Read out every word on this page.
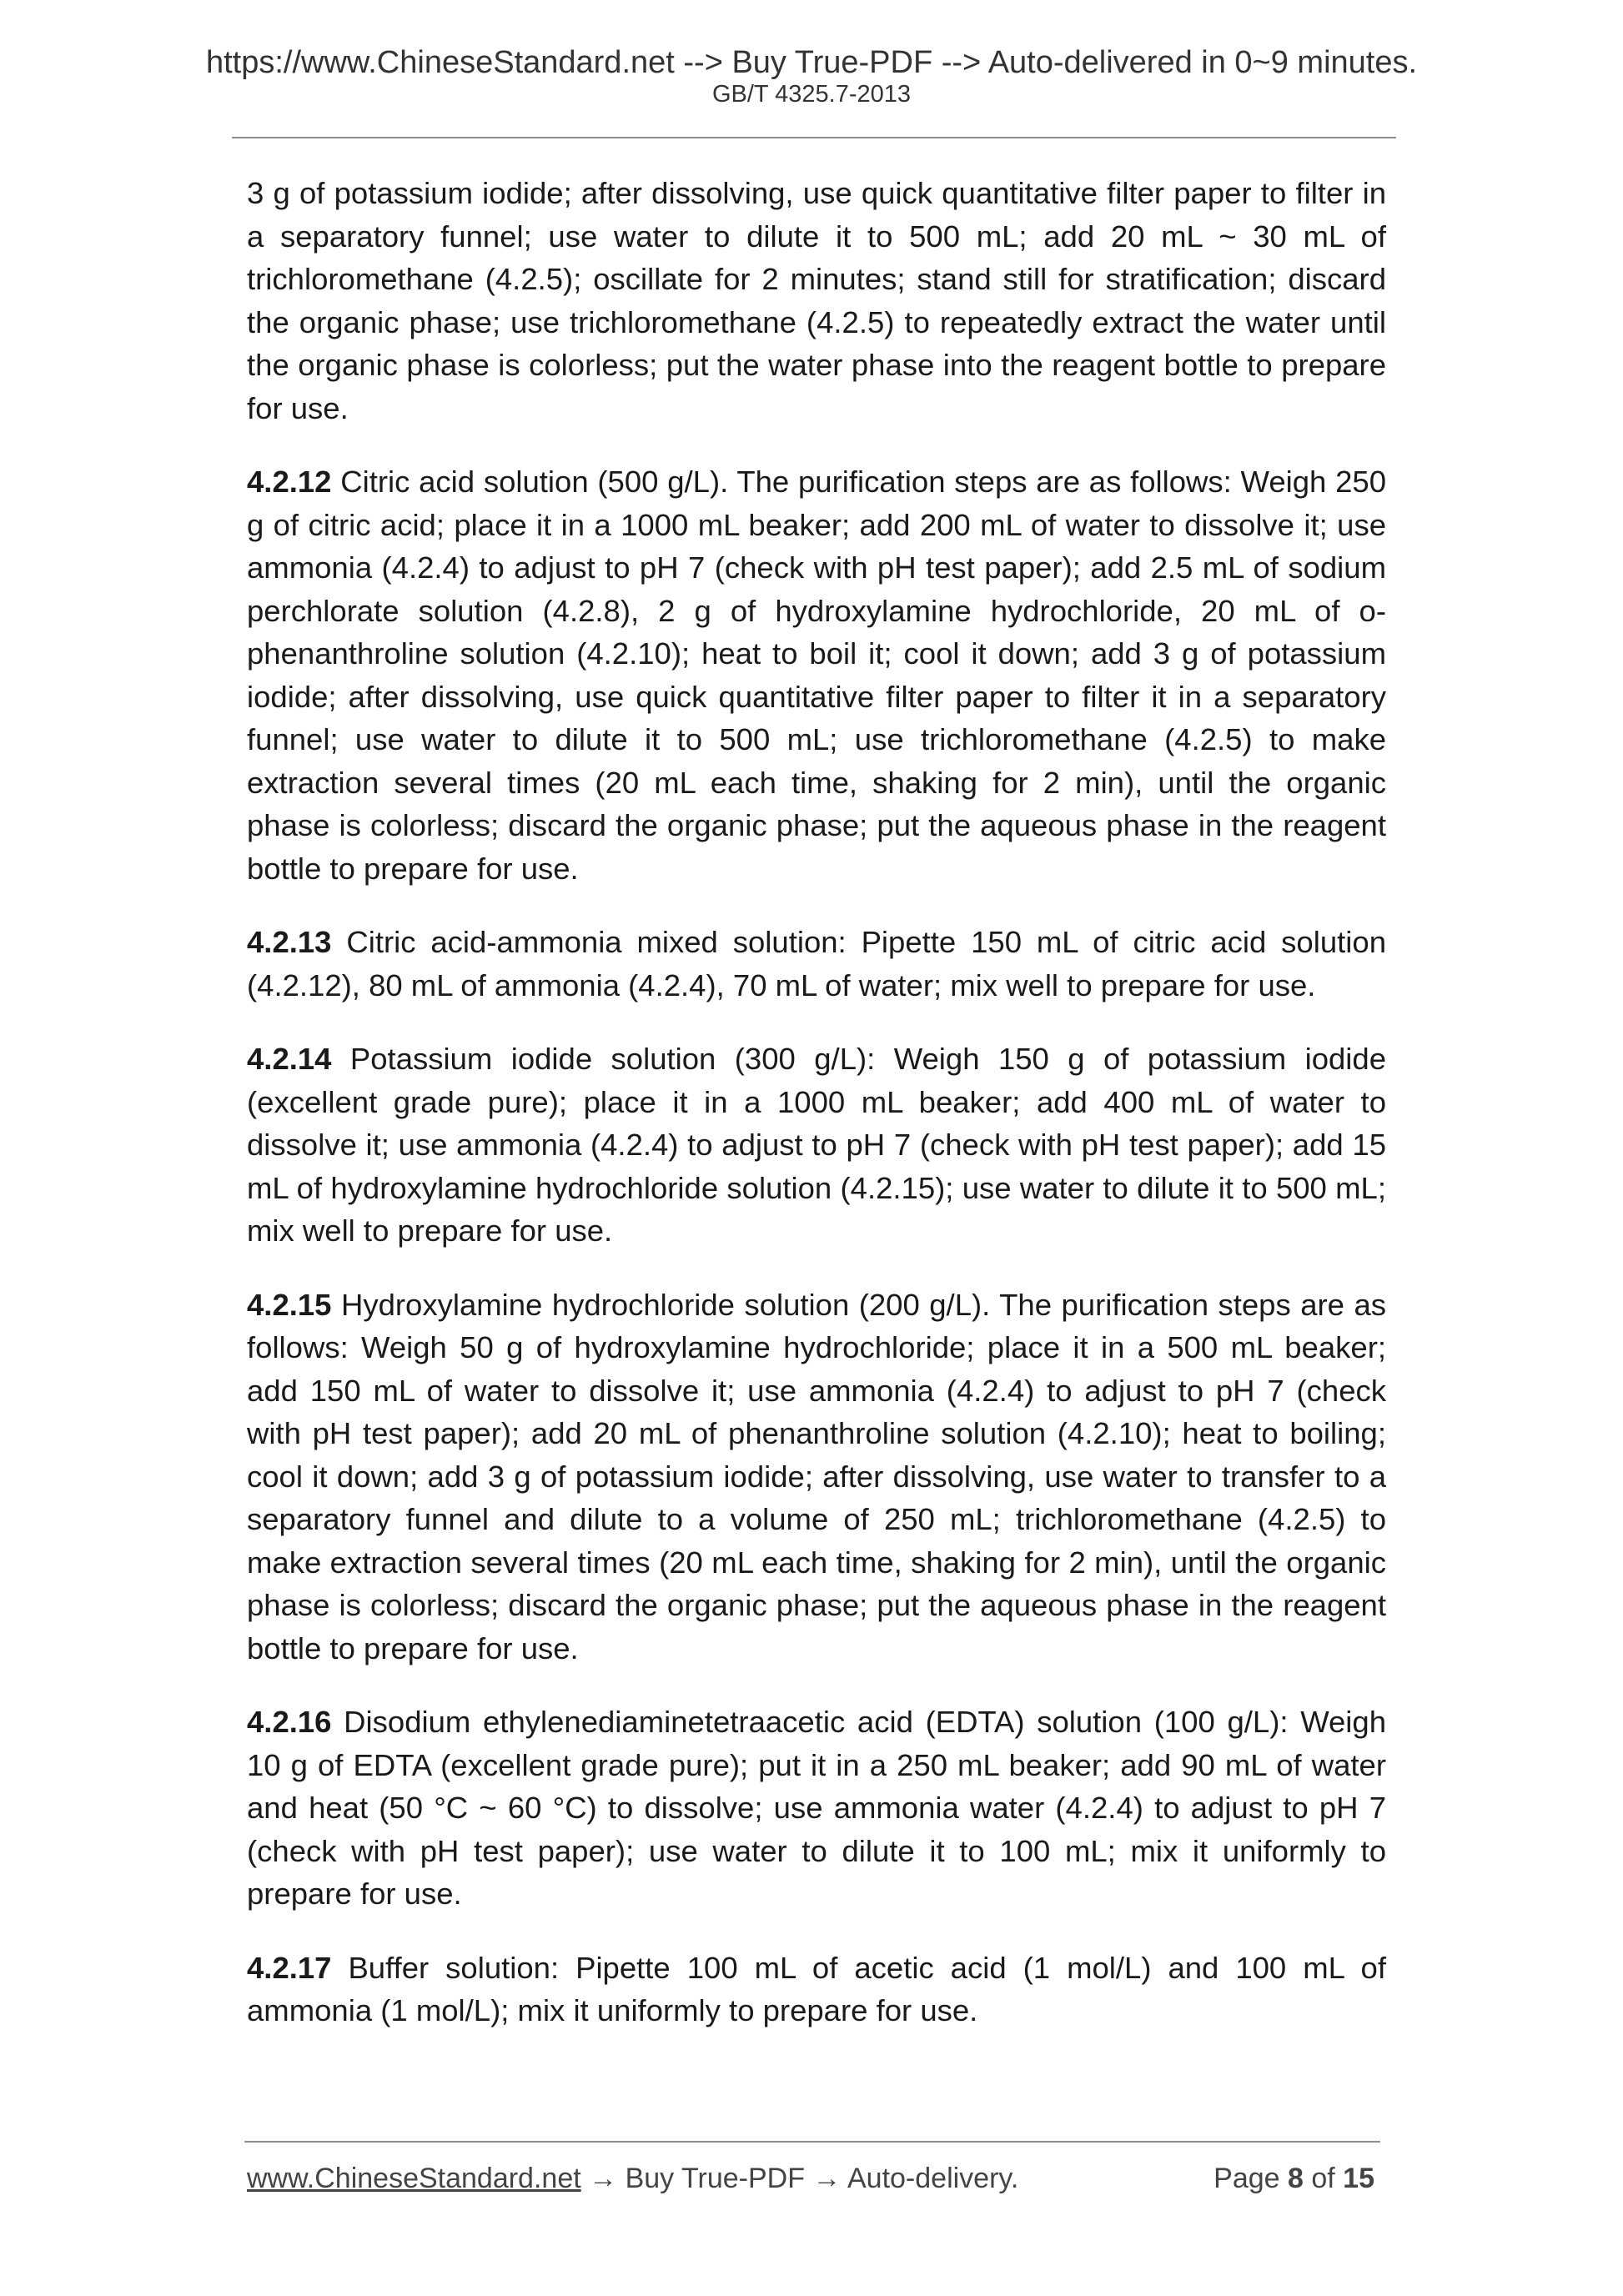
https://www.ChineseStandard.net --> Buy True-PDF --> Auto-delivered in 0~9 minutes.
GB/T 4325.7-2013

3 g of potassium iodide; after dissolving, use quick quantitative filter paper to filter in a separatory funnel; use water to dilute it to 500 mL; add 20 mL ~ 30 mL of trichloromethane (4.2.5); oscillate for 2 minutes; stand still for stratification; discard the organic phase; use trichloromethane (4.2.5) to repeatedly extract the water until the organic phase is colorless; put the water phase into the reagent bottle to prepare for use.

4.2.12 Citric acid solution (500 g/L). The purification steps are as follows: Weigh 250 g of citric acid; place it in a 1000 mL beaker; add 200 mL of water to dissolve it; use ammonia (4.2.4) to adjust to pH 7 (check with pH test paper); add 2.5 mL of sodium perchlorate solution (4.2.8), 2 g of hydroxylamine hydrochloride, 20 mL of o-phenanthroline solution (4.2.10); heat to boil it; cool it down; add 3 g of potassium iodide; after dissolving, use quick quantitative filter paper to filter it in a separatory funnel; use water to dilute it to 500 mL; use trichloromethane (4.2.5) to make extraction several times (20 mL each time, shaking for 2 min), until the organic phase is colorless; discard the organic phase; put the aqueous phase in the reagent bottle to prepare for use.

4.2.13 Citric acid-ammonia mixed solution: Pipette 150 mL of citric acid solution (4.2.12), 80 mL of ammonia (4.2.4), 70 mL of water; mix well to prepare for use.

4.2.14 Potassium iodide solution (300 g/L): Weigh 150 g of potassium iodide (excellent grade pure); place it in a 1000 mL beaker; add 400 mL of water to dissolve it; use ammonia (4.2.4) to adjust to pH 7 (check with pH test paper); add 15 mL of hydroxylamine hydrochloride solution (4.2.15); use water to dilute it to 500 mL; mix well to prepare for use.

4.2.15 Hydroxylamine hydrochloride solution (200 g/L). The purification steps are as follows: Weigh 50 g of hydroxylamine hydrochloride; place it in a 500 mL beaker; add 150 mL of water to dissolve it; use ammonia (4.2.4) to adjust to pH 7 (check with pH test paper); add 20 mL of phenanthroline solution (4.2.10); heat to boiling; cool it down; add 3 g of potassium iodide; after dissolving, use water to transfer to a separatory funnel and dilute to a volume of 250 mL; trichloromethane (4.2.5) to make extraction several times (20 mL each time, shaking for 2 min), until the organic phase is colorless; discard the organic phase; put the aqueous phase in the reagent bottle to prepare for use.

4.2.16 Disodium ethylenediaminetetraacetic acid (EDTA) solution (100 g/L): Weigh 10 g of EDTA (excellent grade pure); put it in a 250 mL beaker; add 90 mL of water and heat (50 °C ~ 60 °C) to dissolve; use ammonia water (4.2.4) to adjust to pH 7 (check with pH test paper); use water to dilute it to 100 mL; mix it uniformly to prepare for use.

4.2.17 Buffer solution: Pipette 100 mL of acetic acid (1 mol/L) and 100 mL of ammonia (1 mol/L); mix it uniformly to prepare for use.

www.ChineseStandard.net → Buy True-PDF → Auto-delivery.	Page 8 of 15
